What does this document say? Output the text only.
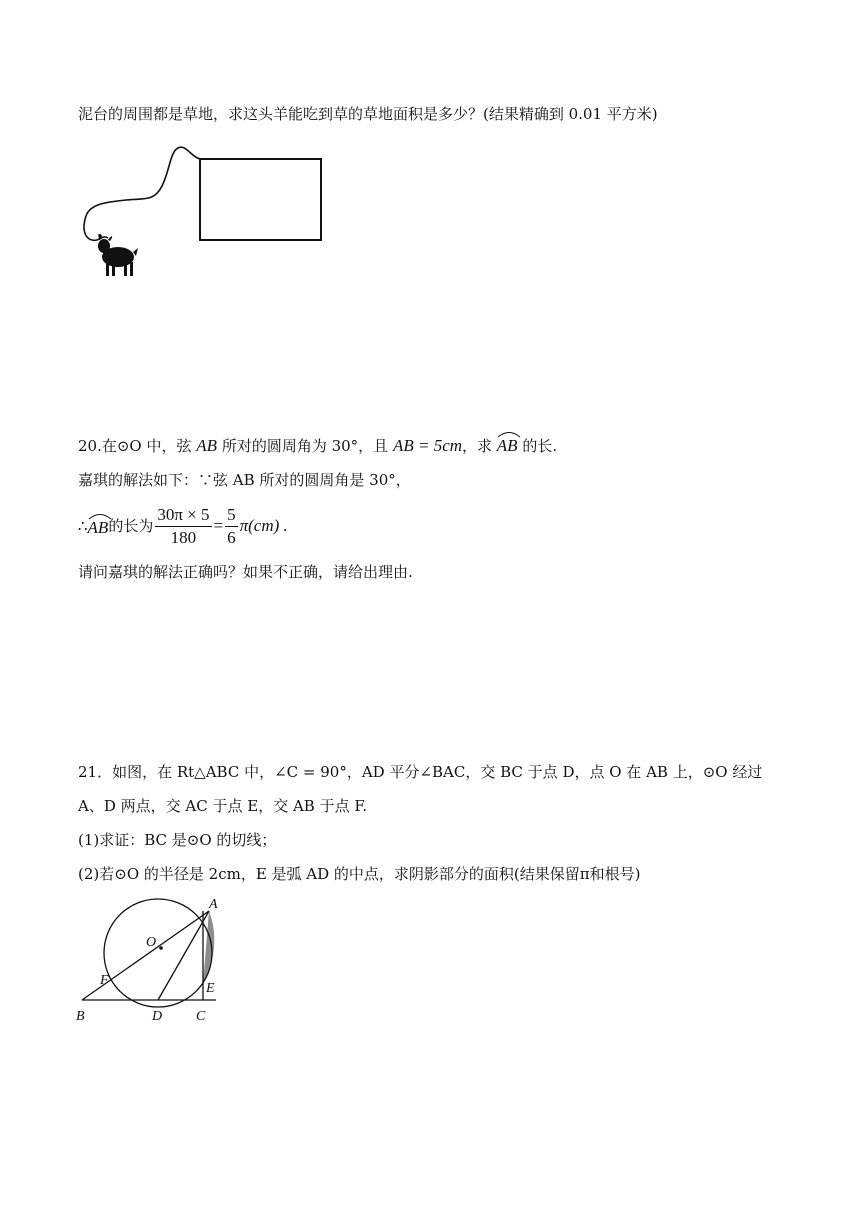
泥台的周围都是草地，求这头羊能吃到草的草地面积是多少？(结果精确到 0.01 平方米)
20.在⊙O 中，弦 AB 所对的圆周角为 30°，且 AB = 5cm，求
AB 的长.
嘉琪的解法如下：∵弦 AB 所对的圆周角是 30°，
∴ AB 的长为 $\frac{30\pi \times 5}{180} = \frac{5}{6} \pi(cm)$ .
请问嘉琪的解法正确吗？如果不正确，请给出理由.
21．如图，在 Rt△ABC 中，∠C = 90°，AD 平分∠BAC，交 BC 于点 D，点 O 在 AB 上，⊙O 经过
A、D 两点，交 AC 于点 E，交 AB 于点 F.
(1)求证：BC 是⊙O 的切线；
(2)若⊙O 的半径是 2cm，E 是弧 AD 的中点，求阴影部分的面积(结果保留π和根号)
A
O
F
E
B	D C
